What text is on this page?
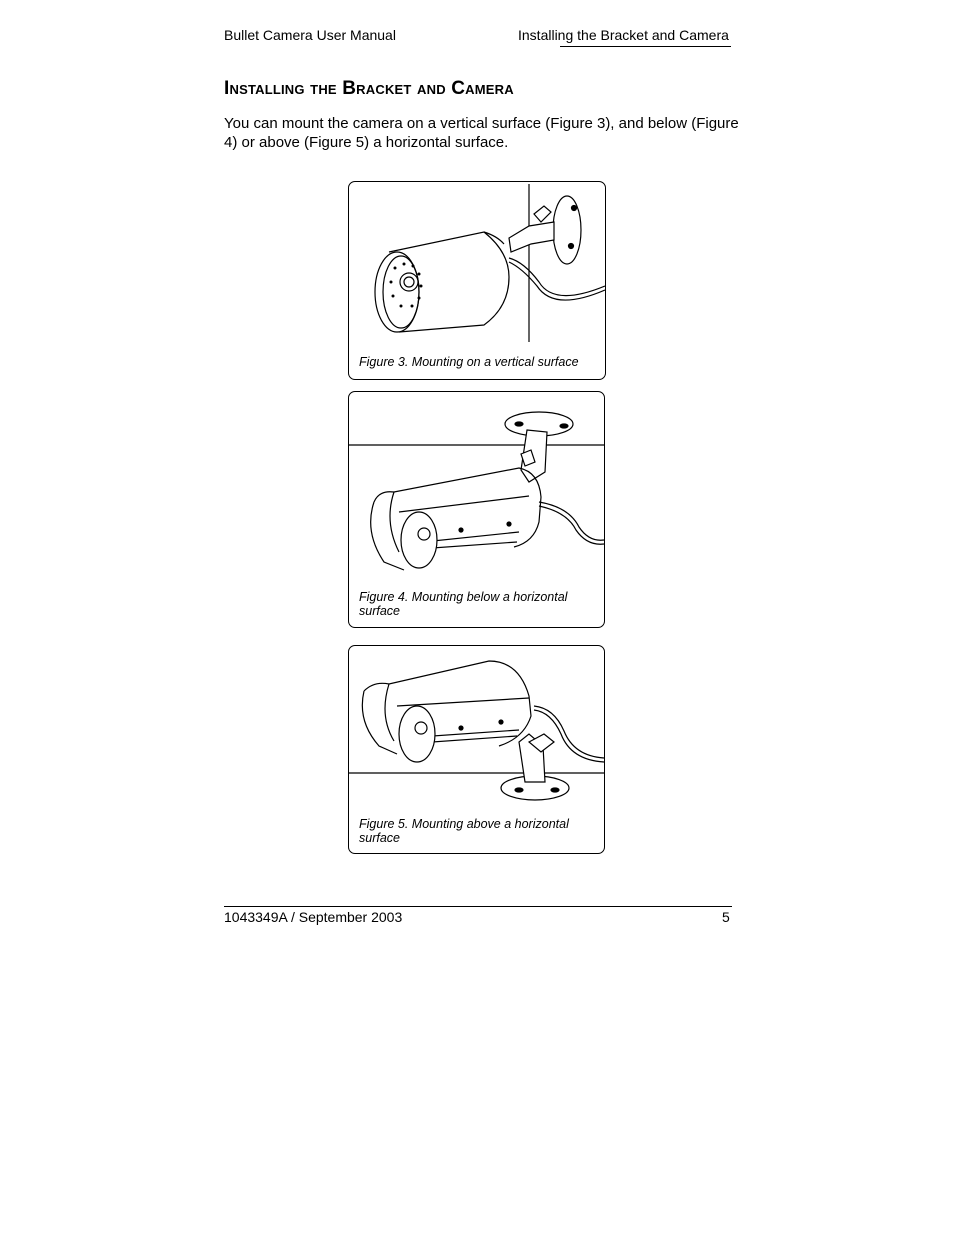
Bullet Camera User Manual	Installing the Bracket and Camera
Installing the Bracket and Camera
You can mount the camera on a vertical surface (Figure 3), and below (Figure 4) or above (Figure 5) a horizontal surface.
Figure 3. Mounting on a vertical surface
Figure 4. Mounting below a horizontal surface
Figure 5. Mounting above a horizontal surface
1043349A / September 2003	5
